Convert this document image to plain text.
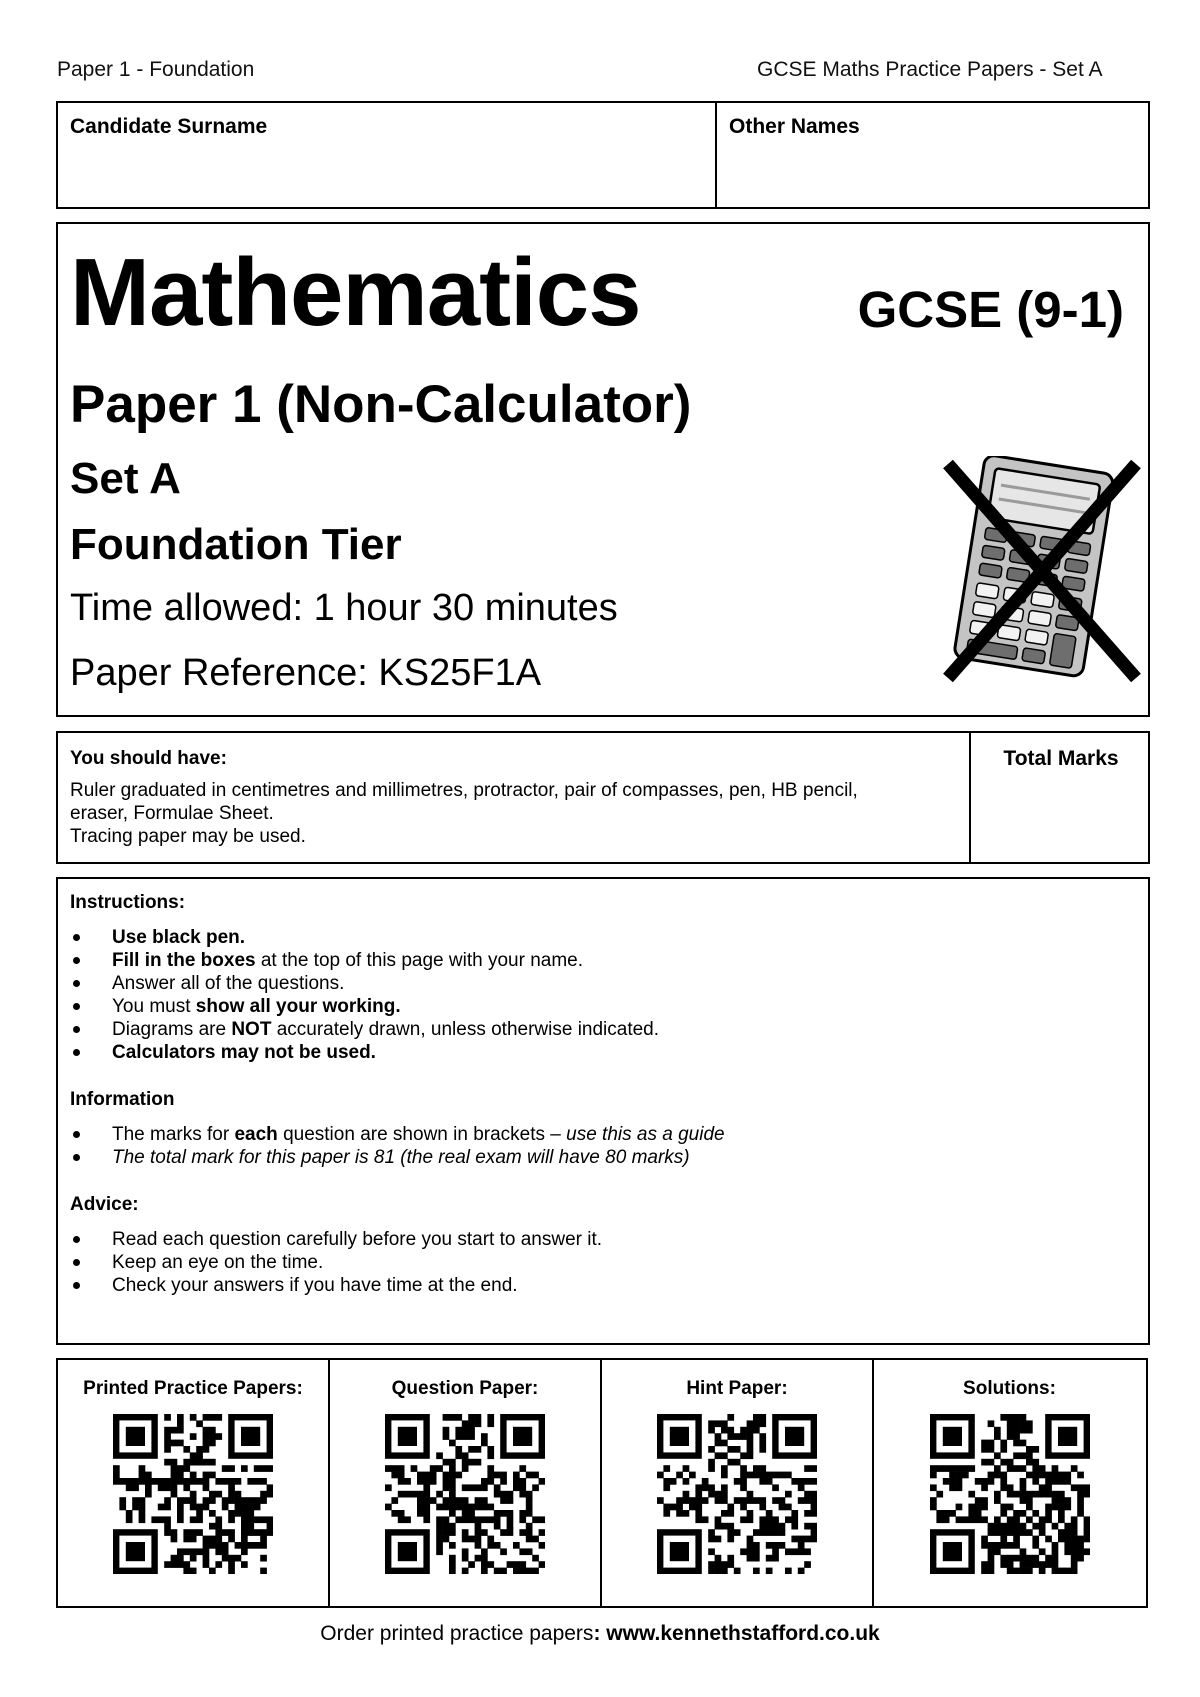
Paper 1 - Foundation	GCSE Maths Practice Papers - Set A
Candidate Surname	Other Names
Mathematics	GCSE (9-1)
Paper 1 (Non-Calculator)
Set A
Foundation Tier
Time allowed: 1 hour 30 minutes
Paper Reference: KS25F1A
You should have:
Ruler graduated in centimetres and millimetres, protractor, pair of compasses, pen, HB pencil,
eraser, Formulae Sheet.
Tracing paper may be used.
Total Marks
Instructions:
Use black pen.
Fill in the boxes at the top of this page with your name.
Answer all of the questions.
You must show all your working.
Diagrams are NOT accurately drawn, unless otherwise indicated.
Calculators may not be used.
Information
The marks for each question are shown in brackets – use this as a guide
The total mark for this paper is 81 (the real exam will have 80 marks)
Advice:
Read each question carefully before you start to answer it.
Keep an eye on the time.
Check your answers if you have time at the end.
Printed Practice Papers:	Question Paper:	Hint Paper:	Solutions:
Order printed practice papers: www.kennethstafford.co.uk
